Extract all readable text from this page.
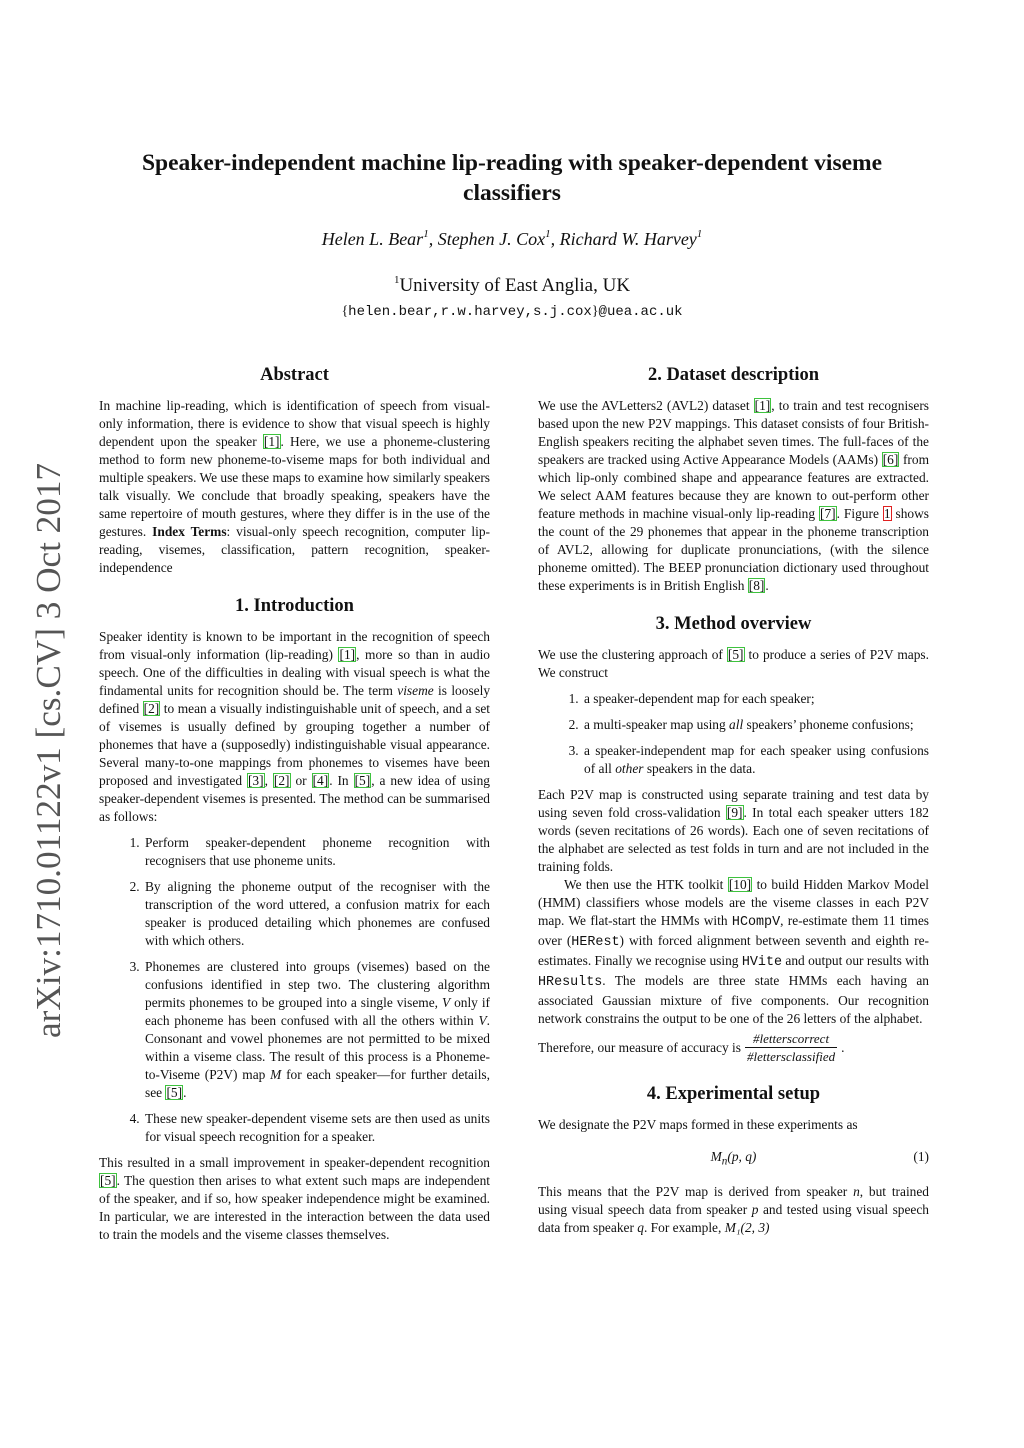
arXiv:1710.01122v1 [cs.CV] 3 Oct 2017
Speaker-independent machine lip-reading with speaker-dependent viseme classifiers
Helen L. Bear$^1$, Stephen J. Cox$^1$, Richard W. Harvey$^1$
$^1$University of East Anglia, UK
{helen.bear,r.w.harvey,s.j.cox}@uea.ac.uk
Abstract

In machine lip-reading, which is identification of speech from visual-only information, there is evidence to show that visual speech is highly dependent upon the speaker [1]. Here, we use a phoneme-clustering method to form new phoneme-to-viseme maps for both individual and multiple speakers. We use these maps to examine how similarly speakers talk visually. We conclude that broadly speaking, speakers have the same repertoire of mouth gestures, where they differ is in the use of the gestures. Index Terms: visual-only speech recognition, computer lip-reading, visemes, classification, pattern recognition, speaker-independence

1. Introduction

Speaker identity is known to be important in the recognition of speech from visual-only information (lip-reading) [1], more so than in audio speech. One of the difficulties in dealing with visual speech is what the findamental units for recognition should be. The term viseme is loosely defined [2] to mean a visually indistinguishable unit of speech, and a set of visemes is usually defined by grouping together a number of phonemes that have a (supposedly) indistinguishable visual appearance. Several many-to-one mappings from phonemes to visemes have been proposed and investigated [3], [2] or [4]. In [5], a new idea of using speaker-dependent visemes is presented. The method can be summarised as follows:

1. Perform speaker-dependent phoneme recognition with recognisers that use phoneme units.
2. By aligning the phoneme output of the recogniser with the transcription of the word uttered, a confusion matrix for each speaker is produced detailing which phonemes are confused with which others.
3. Phonemes are clustered into groups (visemes) based on the confusions identified in step two. The clustering algorithm permits phonemes to be grouped into a single viseme, V only if each phoneme has been confused with all the others within V. Consonant and vowel phonemes are not permitted to be mixed within a viseme class. The result of this process is a Phoneme-to-Viseme (P2V) map M for each speaker—for further details, see [5].
4. These new speaker-dependent viseme sets are then used as units for visual speech recognition for a speaker.

This resulted in a small improvement in speaker-dependent recognition [5]. The question then arises to what extent such maps are independent of the speaker, and if so, how speaker independence might be examined. In particular, we are interested in the interaction between the data used to train the models and the viseme classes themselves.

2. Dataset description

We use the AVLetters2 (AVL2) dataset [1], to train and test recognisers based upon the new P2V mappings. This dataset consists of four British-English speakers reciting the alphabet seven times. The full-faces of the speakers are tracked using Active Appearance Models (AAMs) [6] from which lip-only combined shape and appearance features are extracted. We select AAM features because they are known to out-perform other feature methods in machine visual-only lip-reading [7]. Figure 1 shows the count of the 29 phonemes that appear in the phoneme transcription of AVL2, allowing for duplicate pronunciations, (with the silence phoneme omitted). The BEEP pronunciation dictionary used throughout these experiments is in British English [8].

3. Method overview

We use the clustering approach of [5] to produce a series of P2V maps. We construct

1. a speaker-dependent map for each speaker;
2. a multi-speaker map using all speakers’ phoneme confusions;
3. a speaker-independent map for each speaker using confusions of all other speakers in the data.

Each P2V map is constructed using separate training and test data by using seven fold cross-validation [9]. In total each speaker utters 182 words (seven recitations of 26 words). Each one of seven recitations of the alphabet are selected as test folds in turn and are not included in the training folds.

We then use the HTK toolkit [10] to build Hidden Markov Model (HMM) classifiers whose models are the viseme classes in each P2V map. We flat-start the HMMs with HCompV, re-estimate them 11 times over (HERest) with forced alignment between seventh and eighth re-estimates. Finally we recognise using HVite and output our results with HResults. The models are three state HMMs each having an associated Gaussian mixture of five components. Our recognition network constrains the output to be one of the 26 letters of the alphabet.

Therefore, our measure of accuracy is $\frac{\text{\#letterscorrect}}{\text{\#lettersclassified}}$ .
4. Experimental setup

We designate the P2V maps formed in these experiments as

$M_n(p$, q)	(1)

This means that the P2V map is derived from speaker n, but trained using visual speech data from speaker p and tested using visual speech data from speaker q. For example, M₁(2, 3)
